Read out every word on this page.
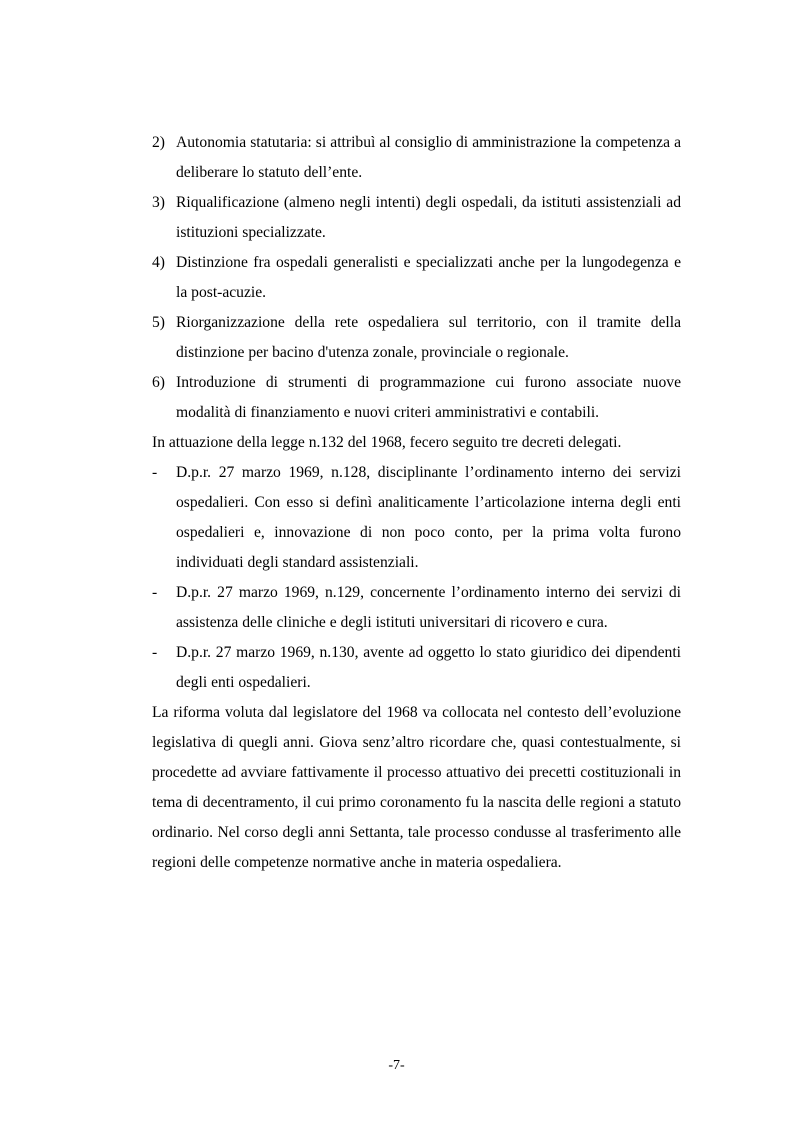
2) Autonomia statutaria: si attribuì al consiglio di amministrazione la competenza a deliberare lo statuto dell’ente.
3) Riqualificazione (almeno negli intenti) degli ospedali, da istituti assistenziali ad istituzioni specializzate.
4) Distinzione fra ospedali generalisti e specializzati anche per la lungodegenza e la post-acuzie.
5) Riorganizzazione della rete ospedaliera sul territorio, con il tramite della distinzione per bacino d'utenza zonale, provinciale o regionale.
6) Introduzione di strumenti di programmazione cui furono associate nuove modalità di finanziamento e nuovi criteri amministrativi e contabili.
In attuazione della legge n.132 del 1968, fecero seguito tre decreti delegati.
-	D.p.r. 27 marzo 1969, n.128, disciplinante l’ordinamento interno dei servizi ospedalieri. Con esso si definì analiticamente l’articolazione interna degli enti ospedalieri e, innovazione di non poco conto, per la prima volta furono individuati degli standard assistenziali.
-	D.p.r. 27 marzo 1969, n.129, concernente l’ordinamento interno dei servizi di assistenza delle cliniche e degli istituti universitari di ricovero e cura.
-	D.p.r. 27 marzo 1969, n.130, avente ad oggetto lo stato giuridico dei dipendenti degli enti ospedalieri.
La riforma voluta dal legislatore del 1968 va collocata nel contesto dell’evoluzione legislativa di quegli anni. Giova senz’altro ricordare che, quasi contestualmente, si procedette ad avviare fattivamente il processo attuativo dei precetti costituzionali in tema di decentramento, il cui primo coronamento fu la nascita delle regioni a statuto ordinario. Nel corso degli anni Settanta, tale processo condusse al trasferimento alle regioni delle competenze normative anche in materia ospedaliera.
-7-
